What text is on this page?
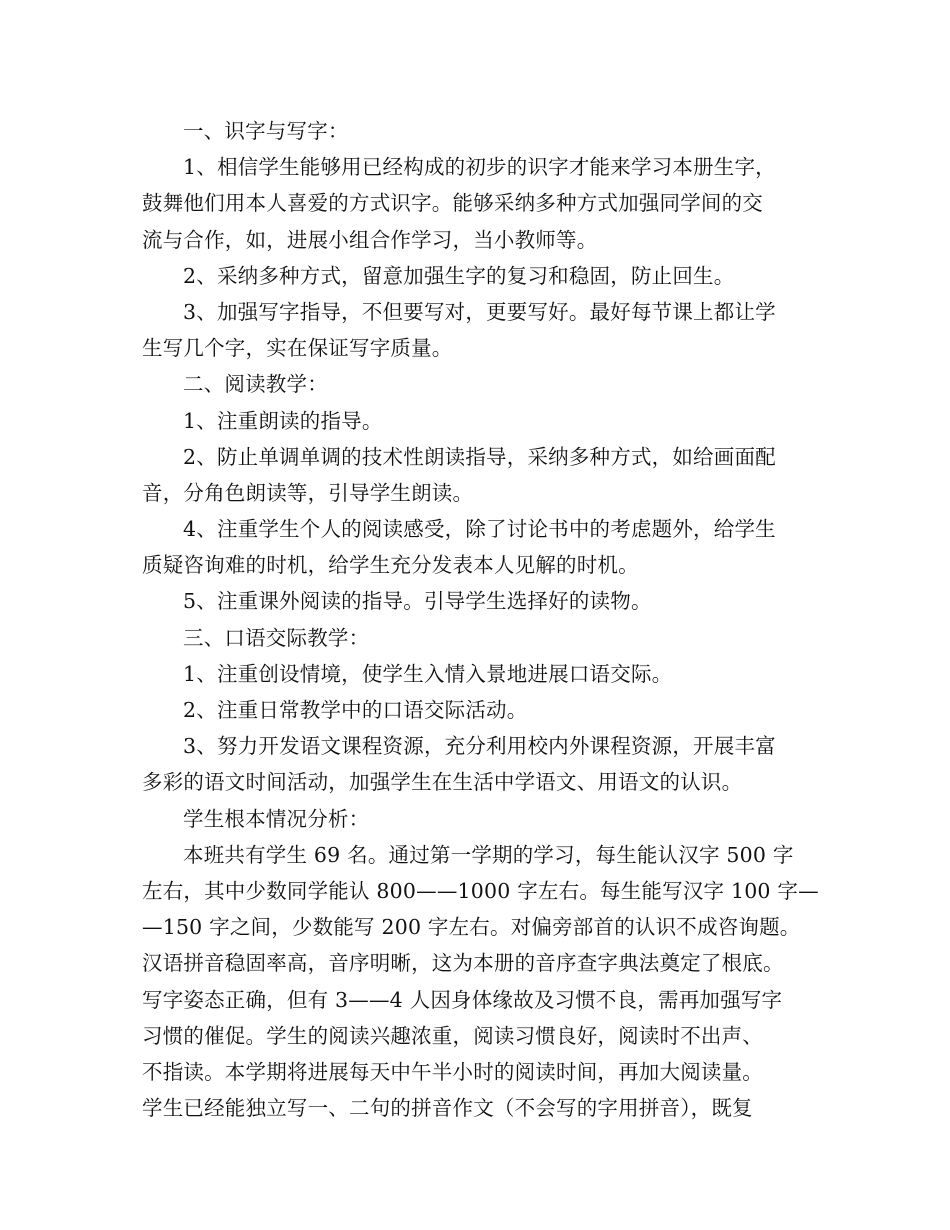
一、识字与写字：
1、相信学生能够用已经构成的初步的识字才能来学习本册生字，
鼓舞他们用本人喜爱的方式识字。能够采纳多种方式加强同学间的交
流与合作，如，进展小组合作学习，当小教师等。
2、采纳多种方式，留意加强生字的复习和稳固，防止回生。
3、加强写字指导，不但要写对，更要写好。最好每节课上都让学
生写几个字，实在保证写字质量。
二、阅读教学：
1、注重朗读的指导。
2、防止单调单调的技术性朗读指导，采纳多种方式，如给画面配
音，分角色朗读等，引导学生朗读。
4、注重学生个人的阅读感受，除了讨论书中的考虑题外，给学生
质疑咨询难的时机，给学生充分发表本人见解的时机。
5、注重课外阅读的指导。引导学生选择好的读物。
三、口语交际教学：
1、注重创设情境，使学生入情入景地进展口语交际。
2、注重日常教学中的口语交际活动。
3、努力开发语文课程资源，充分利用校内外课程资源，开展丰富
多彩的语文时间活动，加强学生在生活中学语文、用语文的认识。
学生根本情况分析：
本班共有学生 69 名。通过第一学期的学习，每生能认汉字 500 字
左右，其中少数同学能认 800——1000 字左右。每生能写汉字 100 字—
—150 字之间，少数能写 200 字左右。对偏旁部首的认识不成咨询题。
汉语拼音稳固率高，音序明晰，这为本册的音序查字典法奠定了根底。
写字姿态正确，但有 3——4 人因身体缘故及习惯不良，需再加强写字
习惯的催促。学生的阅读兴趣浓重，阅读习惯良好，阅读时不出声、
不指读。本学期将进展每天中午半小时的阅读时间，再加大阅读量。
学生已经能独立写一、二句的拼音作文（不会写的字用拼音），既复
